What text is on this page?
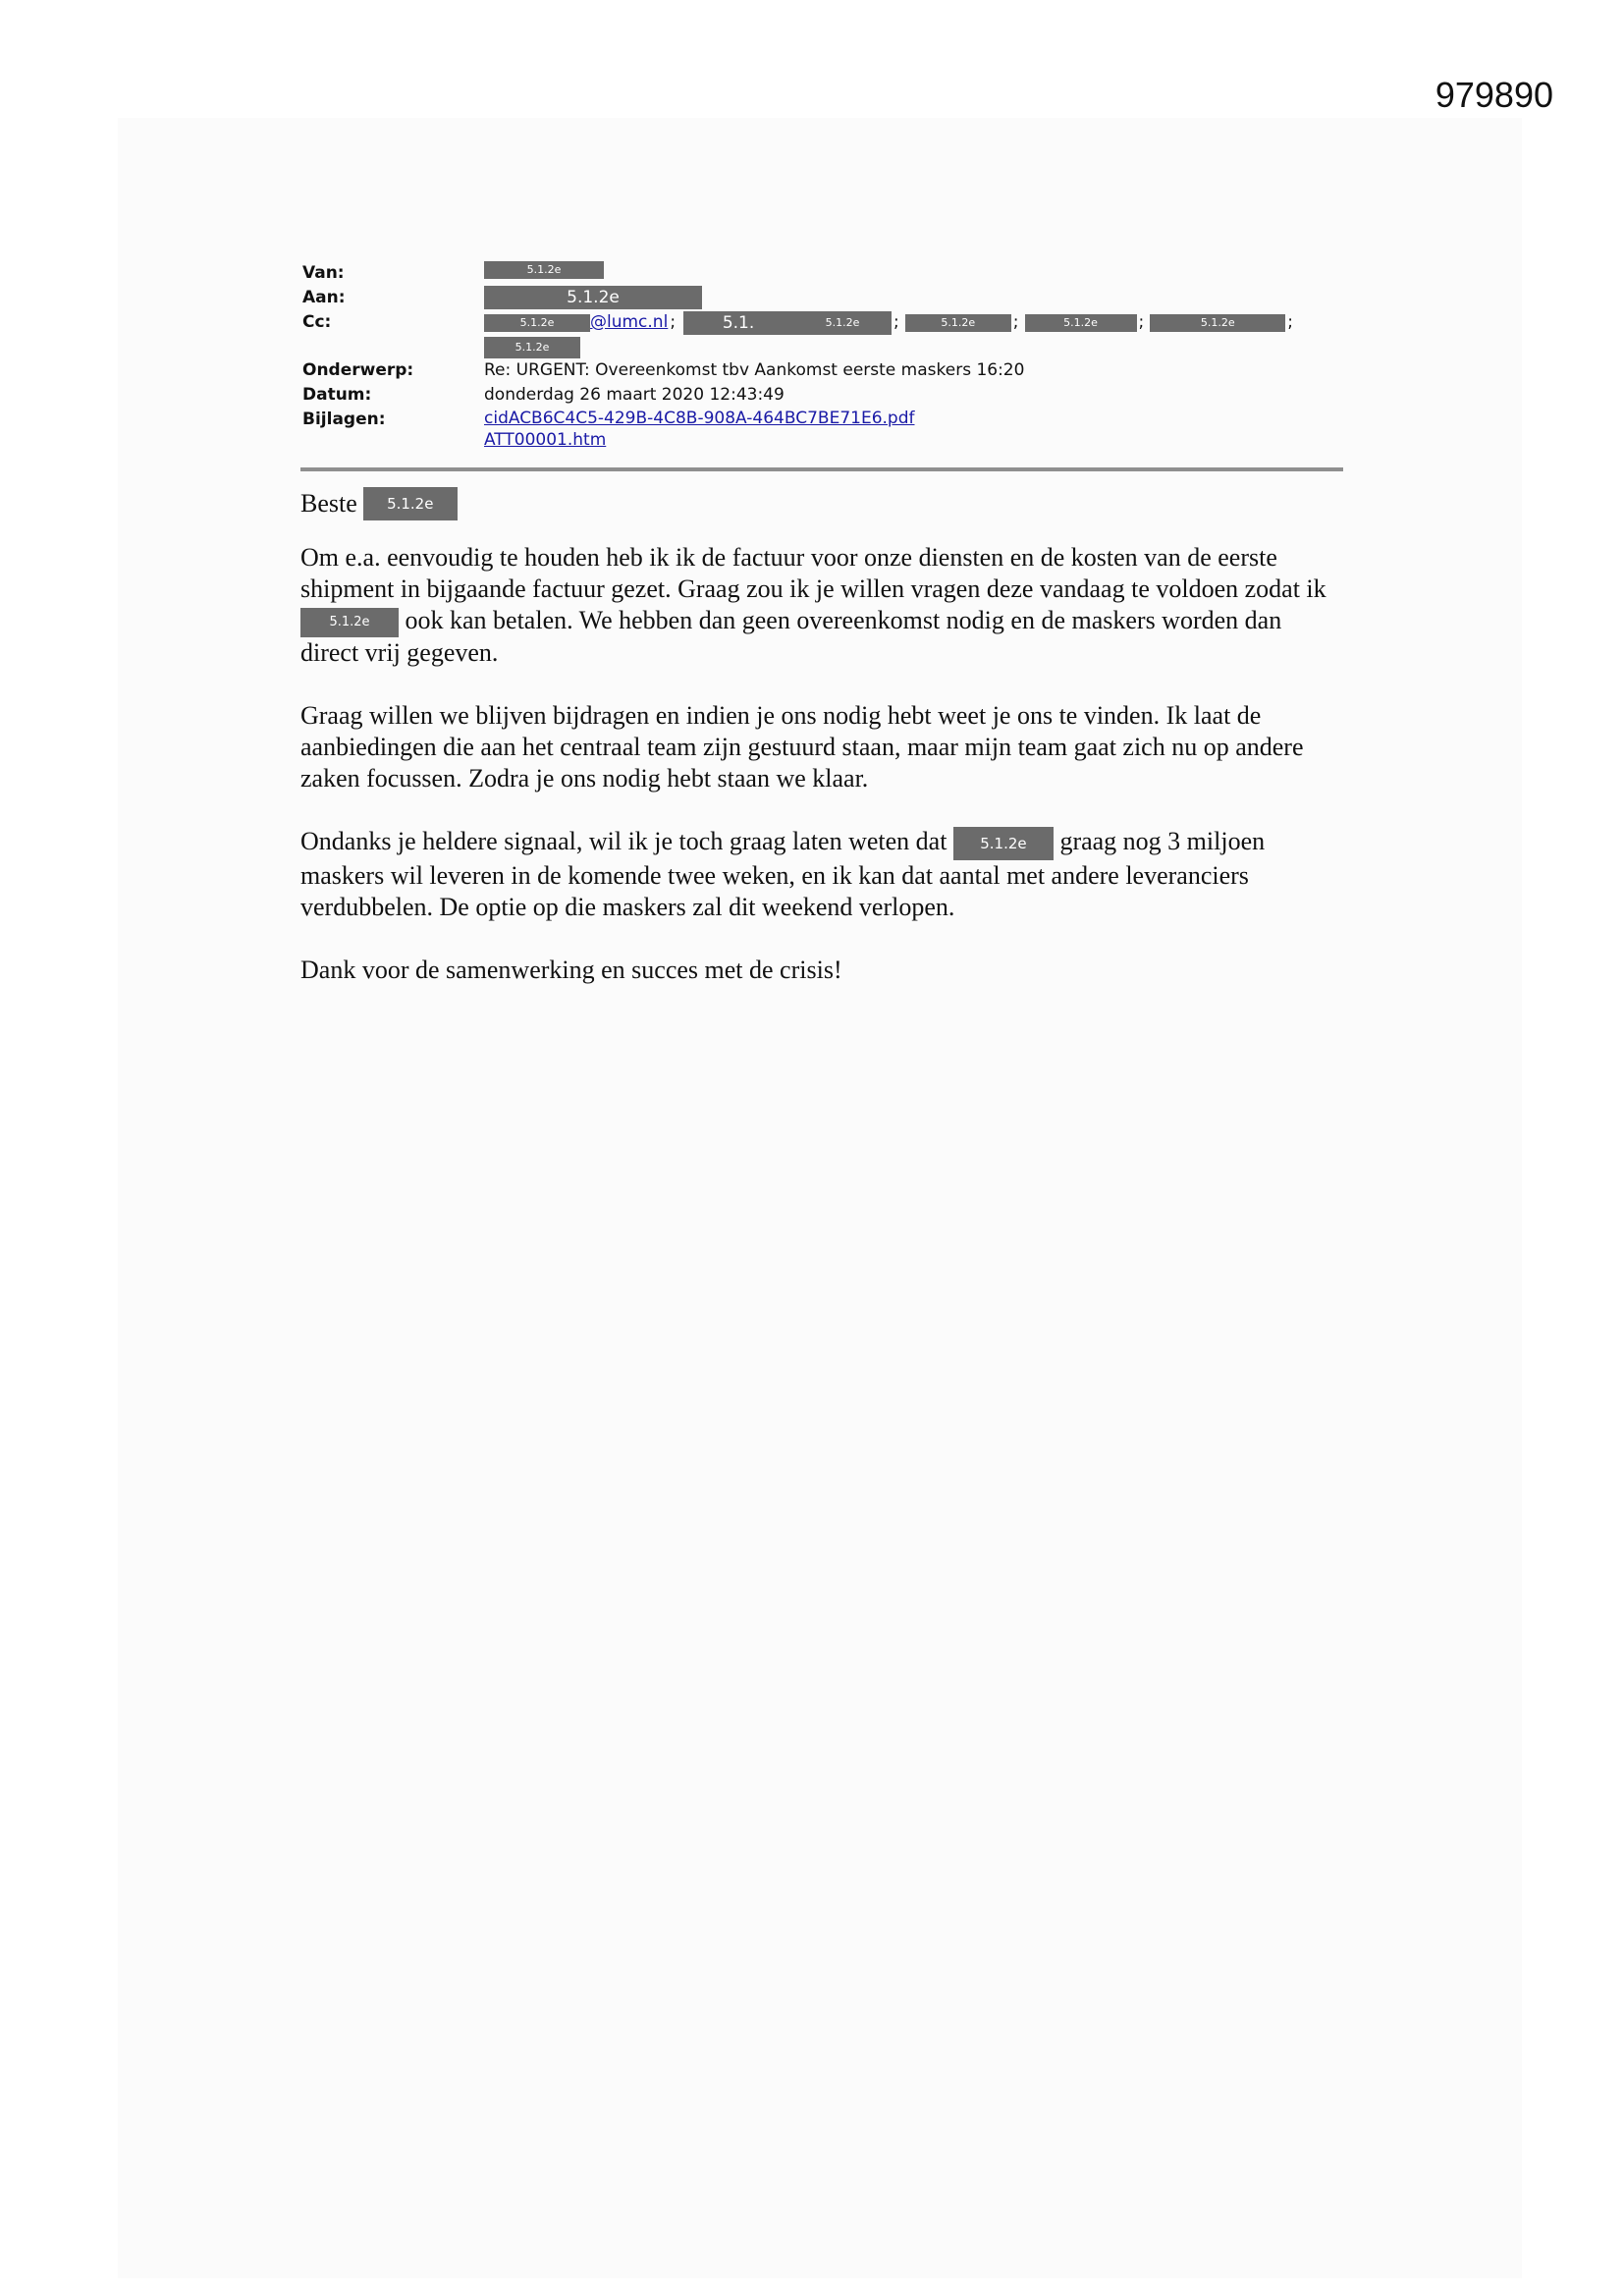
979890
Van:	5.1.2e
Aan:	5.1.2e
Cc:	5.1.2e	@lumc.nl ;	5.1.	5.1.2e	;	5.1.2e	;	5.1.2e	;	5.1.2e	;
5.1.2e
Onderwerp:	Re: URGENT: Overeenkomst tbv Aankomst eerste maskers 16:20
Datum:	donderdag 26 maart 2020 12:43:49
Bijlagen:	cidACB6C4C5-429B-4C8B-908A-464BC7BE71E6.pdf
ATT00001.htm

Beste	5.1.2e

Om e.a. eenvoudig te houden heb ik ik de factuur voor onze diensten en de kosten van de eerste shipment in bijgaande factuur gezet. Graag zou ik je willen vragen deze vandaag te voldoen zodat ik 5.1.2e ook kan betalen. We hebben dan geen overeenkomst nodig en de maskers worden dan direct vrij gegeven.

Graag willen we blijven bijdragen en indien je ons nodig hebt weet je ons te vinden. Ik laat de aanbiedingen die aan het centraal team zijn gestuurd staan, maar mijn team gaat zich nu op andere zaken focussen. Zodra je ons nodig hebt staan we klaar.

Ondanks je heldere signaal, wil ik je toch graag laten weten dat 5.1.2e graag nog 3 miljoen maskers wil leveren in de komende twee weken, en ik kan dat aantal met andere leveranciers verdubbelen. De optie op die maskers zal dit weekend verlopen.

Dank voor de samenwerking en succes met de crisis!
